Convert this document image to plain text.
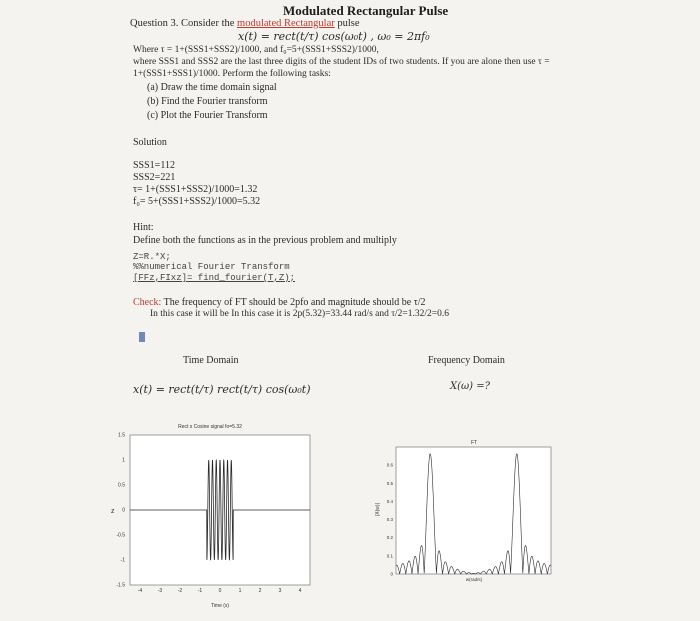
Modulated Rectangular Pulse
Question 3. Consider the modulated Rectangular pulse
x(t) = rect(t/τ) cos(ω₀t) , ω₀ = 2πf₀
Where τ = 1+(SSS1+SSS2)/1000, and f₀=5+(SSS1+SSS2)/1000,
where SSS1 and SSS2 are the last three digits of the student IDs of two students. If you are alone then use τ =
1+(SSS1+SSS1)/1000. Perform the following tasks:
(a) Draw the time domain signal
(b) Find the Fourier transform
(c) Plot the Fourier Transform
Solution
SSS1=112
SSS2=221
τ= 1+(SSS1+SSS2)/1000=1.32
f₀= 5+(SSS1+SSS2)/1000=5.32
Hint:
Define both the functions as in the previous problem and multiply
Z=R.*X;
%%numerical Fourier Transform
[FFz,FIxz]= find_fourier(T,Z);
Check: The frequency of FT should be 2pfo and magnitude should be τ/2
In this case it will be In this case it is 2p(5.32)=33.44 rad/s and τ/2=1.32/2=0.6
Time Domain	Frequency Domain
x(t) = rect(t/τ) rect(t/τ) cos(ω₀t)	X(ω) =?
Rect x Cosine signal fo=5.32
1.5
1
0.5
0
-0.5
-1
-1.5
-4	-3	-2	-1	0	1	2	3	4
Time (s)
z
FT
0.6
0.5
0.4
0.3
0.2
0.1
0
w(rad/s)
|X(w)|
